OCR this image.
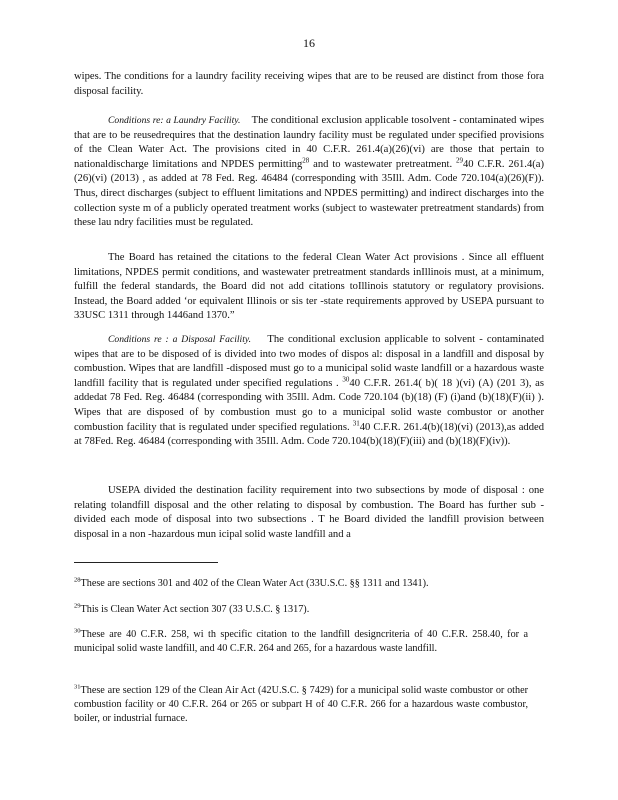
16

wipes. The conditions for a laundry facility receiving wipes that are to be reused are distinct from those fora disposal facility.

Conditions re: a Laundry Facility. The conditional exclusion applicable tosolvent - contaminated wipes that are to be reusedrequires that the destination laundry facility must be regulated under specified provisions of the Clean Water Act. The provisions cited in 40 C.F.R. 261.4(a)(26)(vi) are those that pertain to nationaldischarge limitations and NPDES permitting$^{28}$ and to wastewater pretreatment. $^{29}$40 C.F.R. 261.4(a)(26)(vi) (2013) , as added at 78 Fed. Reg. 46484 (corresponding with 35Ill. Adm. Code 720.104(a)(26)(F)). Thus, direct discharges (subject to effluent limitations and NPDES permitting) and indirect discharges into the collection syste m of a publicly operated treatment works (subject to wastewater pretreatment standards) from these lau ndry facilities must be regulated.

The Board has retained the citations to the federal Clean Water Act provisions . Since all effluent limitations, NPDES permit conditions, and wastewater pretreatment standards inIllinois must, at a minimum, fulfill the federal standards, the Board did not add citations toIllinois statutory or regulatory provisions. Instead, the Board added ‘or equivalent Illinois or sis ter -state requirements approved by USEPA pursuant to 33USC 1311 through 1446and 1370.”

Conditions re : a Disposal Facility. The conditional exclusion applicable to solvent - contaminated wipes that are to be disposed of is divided into two modes of dispos al: disposal in a landfill and disposal by combustion. Wipes that are landfill -disposed must go to a municipal solid waste landfill or a hazardous waste landfill facility that is regulated under specified regulations . $^{30}$40 C.F.R. 261.4( b)( 18 )(vi) (A) (201 3), as addedat 78 Fed. Reg. 46484 (corresponding with 35Ill. Adm. Code 720.104 (b)(18) (F) (i)and (b)(18)(F)(ii) ). Wipes that are disposed of by combustion must go to a municipal solid waste combustor or another combustion facility that is regulated under specified regulations. $^{31}$40 C.F.R. 261.4(b)(18)(vi) (2013),as added at 78Fed. Reg. 46484 (corresponding with 35Ill. Adm. Code 720.104(b)(18)(F)(iii) and (b)(18)(F)(iv)).

USEPA divided the destination facility requirement into two subsections by mode of disposal : one relating tolandfill disposal and the other relating to disposal by combustion. The Board has further sub -divided each mode of disposal into two subsections . T he Board divided the landfill provision between disposal in a non -hazardous mun icipal solid waste landfill and a

$^{28}$These are sections 301 and 402 of the Clean Water Act (33U.S.C. §§ 1311 and 1341).

$^{29}$This is Clean Water Act section 307 (33 U.S.C. § 1317).

$^{30}$These are 40 C.F.R. 258, wi th specific citation to the landfill designcriteria of 40 C.F.R. 258.40, for a municipal solid waste landfill, and 40 C.F.R. 264 and 265, for a hazardous waste landfill.

$^{31}$These are section 129 of the Clean Air Act (42U.S.C. § 7429) for a municipal solid waste combustor or other combustion facility or 40 C.F.R. 264 or 265 or subpart H of 40 C.F.R. 266 for a hazardous waste combustor, boiler, or industrial furnace.
